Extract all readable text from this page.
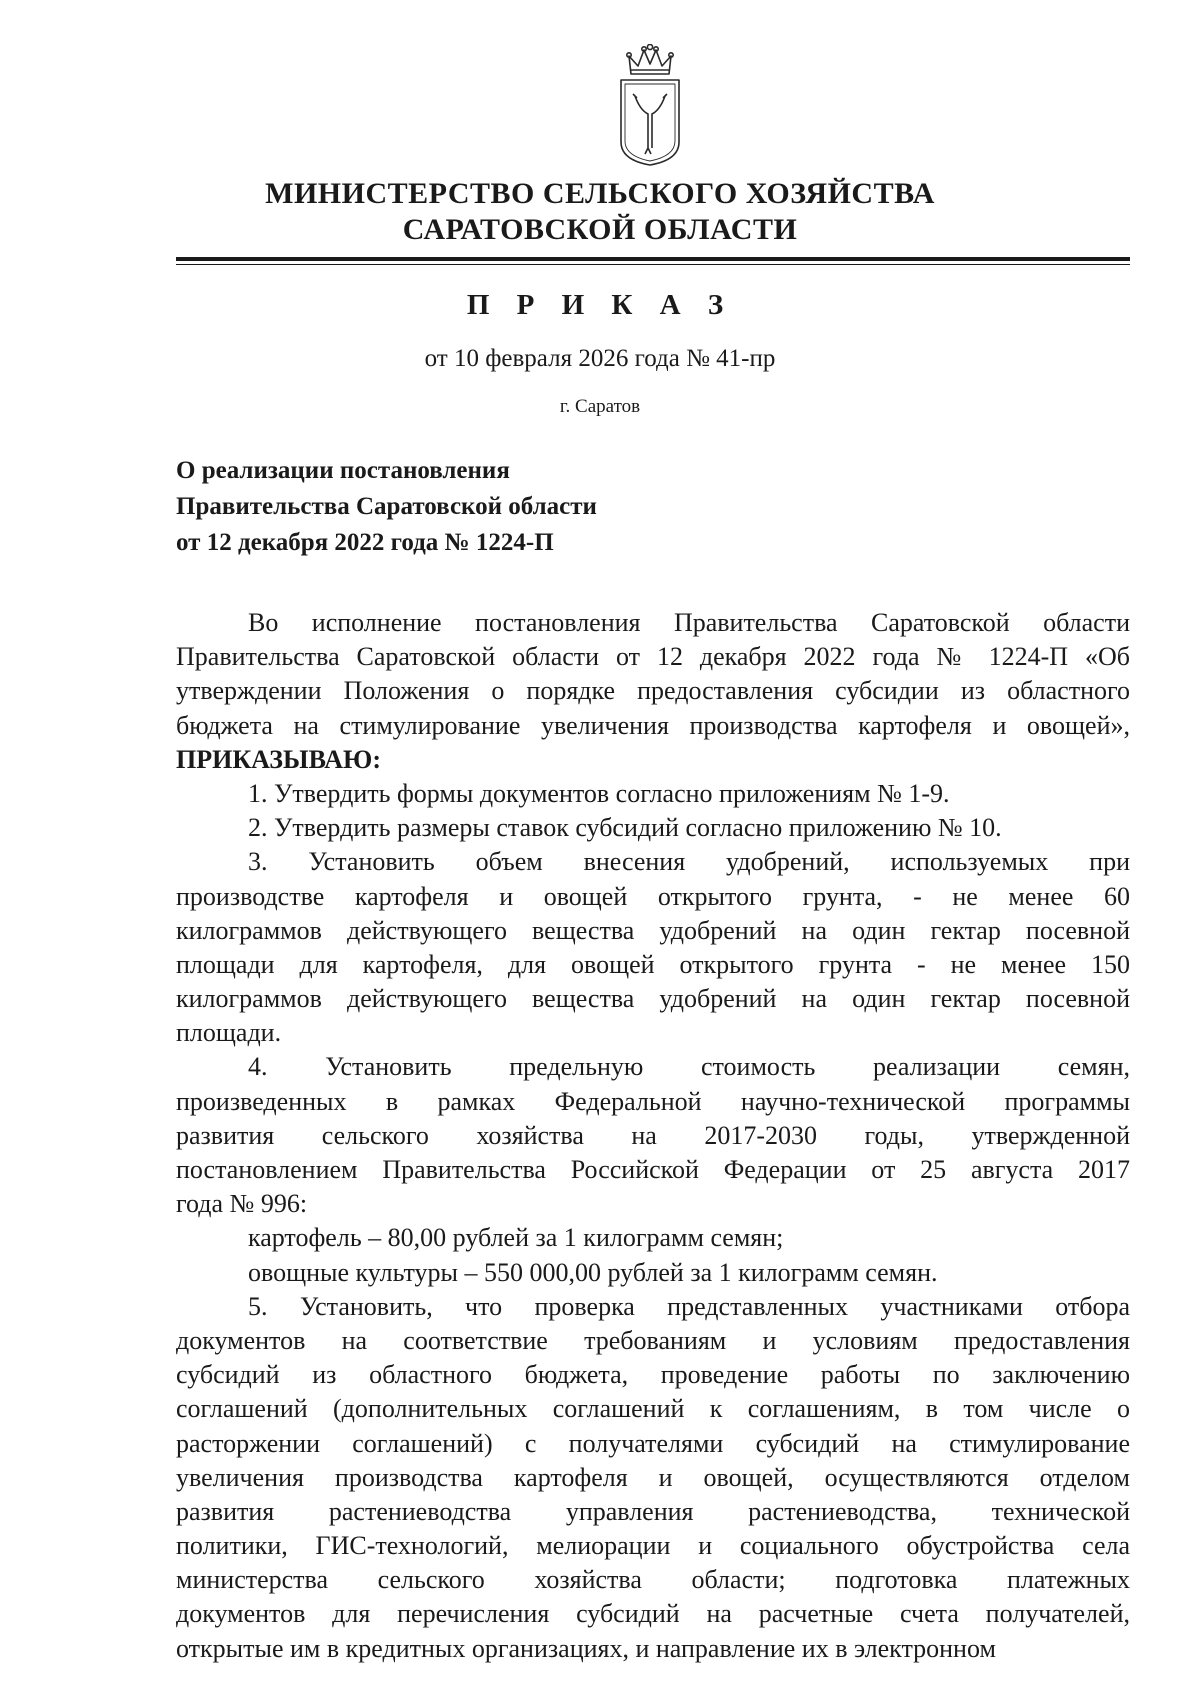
МИНИСТЕРСТВО СЕЛЬСКОГО ХОЗЯЙСТВА
САРАТОВСКОЙ ОБЛАСТИ
П Р И К А З
от 10 февраля 2026 года № 41-пр
г. Саратов
О реализации постановления
Правительства Саратовской области
от 12 декабря 2022 года № 1224-П
Во исполнение постановления Правительства Саратовской области
Правительства Саратовской области от 12 декабря 2022 года № 1224-П «Об
утверждении Положения о порядке предоставления субсидии из областного
бюджета на стимулирование увеличения производства картофеля и овощей»,
ПРИКАЗЫВАЮ:
1. Утвердить формы документов согласно приложениям № 1-9.
2. Утвердить размеры ставок субсидий согласно приложению № 10.
3. Установить объем внесения удобрений, используемых при
производстве картофеля и овощей открытого грунта, - не менее 60
килограммов действующего вещества удобрений на один гектар посевной
площади для картофеля, для овощей открытого грунта - не менее 150
килограммов действующего вещества удобрений на один гектар посевной
площади.
4. Установить предельную стоимость реализации семян,
произведенных в рамках Федеральной научно-технической программы
развития сельского хозяйства на 2017-2030 годы, утвержденной
постановлением Правительства Российской Федерации от 25 августа 2017
года № 996:
картофель – 80,00 рублей за 1 килограмм семян;
овощные культуры – 550 000,00 рублей за 1 килограмм семян.
5. Установить, что проверка представленных участниками отбора
документов на соответствие требованиям и условиям предоставления
субсидий из областного бюджета, проведение работы по заключению
соглашений (дополнительных соглашений к соглашениям, в том числе о
расторжении соглашений) с получателями субсидий на стимулирование
увеличения производства картофеля и овощей, осуществляются отделом
развития растениеводства управления растениеводства, технической
политики, ГИС-технологий, мелиорации и социального обустройства села
министерства сельского хозяйства области; подготовка платежных
документов для перечисления субсидий на расчетные счета получателей,
открытые им в кредитных организациях, и направление их в электронном
